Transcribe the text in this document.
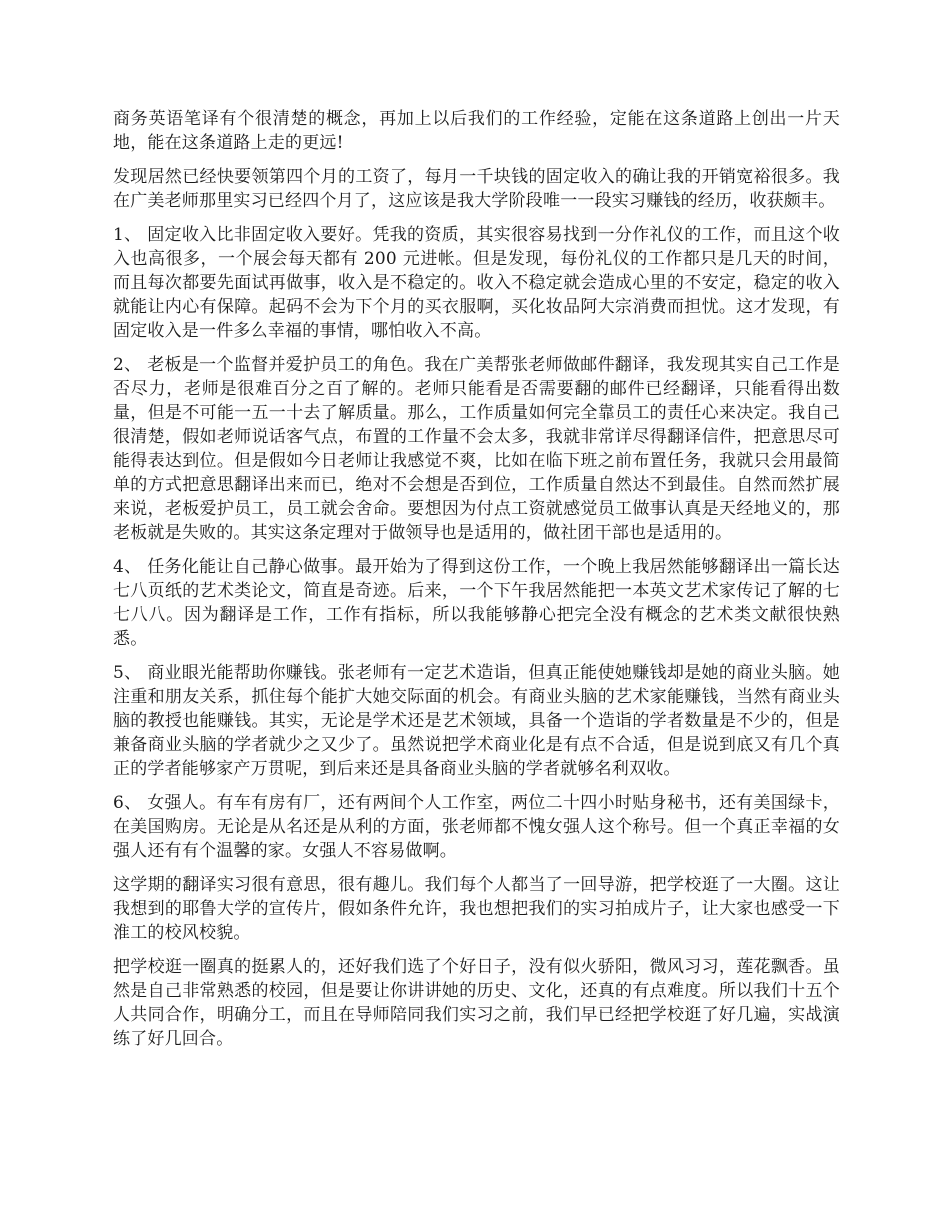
商务英语笔译有个很清楚的概念，再加上以后我们的工作经验，定能在这条道路上创出一片天地，能在这条道路上走的更远!

发现居然已经快要领第四个月的工资了，每月一千块钱的固定收入的确让我的开销宽裕很多。我在广美老师那里实习已经四个月了，这应该是我大学阶段唯一一段实习赚钱的经历，收获颇丰。

1、 固定收入比非固定收入要好。凭我的资质，其实很容易找到一分作礼仪的工作，而且这个收入也高很多，一个展会每天都有 200 元进帐。但是发现，每份礼仪的工作都只是几天的时间，而且每次都要先面试再做事，收入是不稳定的。收入不稳定就会造成心里的不安定，稳定的收入就能让内心有保障。起码不会为下个月的买衣服啊，买化妆品阿大宗消费而担忧。这才发现，有固定收入是一件多么幸福的事情，哪怕收入不高。

2、 老板是一个监督并爱护员工的角色。我在广美帮张老师做邮件翻译，我发现其实自己工作是否尽力，老师是很难百分之百了解的。老师只能看是否需要翻的邮件已经翻译，只能看得出数量，但是不可能一五一十去了解质量。那么，工作质量如何完全靠员工的责任心来决定。我自己很清楚，假如老师说话客气点，布置的工作量不会太多，我就非常详尽得翻译信件，把意思尽可能得表达到位。但是假如今日老师让我感觉不爽，比如在临下班之前布置任务，我就只会用最简单的方式把意思翻译出来而已，绝对不会想是否到位，工作质量自然达不到最佳。自然而然扩展来说，老板爱护员工，员工就会舍命。要想因为付点工资就感觉员工做事认真是天经地义的，那老板就是失败的。其实这条定理对于做领导也是适用的，做社团干部也是适用的。

4、 任务化能让自己静心做事。最开始为了得到这份工作，一个晚上我居然能够翻译出一篇长达七八页纸的艺术类论文，简直是奇迹。后来，一个下午我居然能把一本英文艺术家传记了解的七七八八。因为翻译是工作，工作有指标，所以我能够静心把完全没有概念的艺术类文献很快熟悉。

5、 商业眼光能帮助你赚钱。张老师有一定艺术造诣，但真正能使她赚钱却是她的商业头脑。她注重和朋友关系，抓住每个能扩大她交际面的机会。有商业头脑的艺术家能赚钱，当然有商业头脑的教授也能赚钱。其实，无论是学术还是艺术领域，具备一个造诣的学者数量是不少的，但是兼备商业头脑的学者就少之又少了。虽然说把学术商业化是有点不合适，但是说到底又有几个真正的学者能够家产万贯呢，到后来还是具备商业头脑的学者就够名利双收。

6、 女强人。有车有房有厂，还有两间个人工作室，两位二十四小时贴身秘书，还有美国绿卡，在美国购房。无论是从名还是从利的方面，张老师都不愧女强人这个称号。但一个真正幸福的女强人还有有个温馨的家。女强人不容易做啊。

这学期的翻译实习很有意思，很有趣儿。我们每个人都当了一回导游，把学校逛了一大圈。这让我想到的耶鲁大学的宣传片，假如条件允许，我也想把我们的实习拍成片子，让大家也感受一下淮工的校风校貌。

把学校逛一圈真的挺累人的，还好我们选了个好日子，没有似火骄阳，微风习习，莲花飘香。虽然是自己非常熟悉的校园，但是要让你讲讲她的历史、文化，还真的有点难度。所以我们十五个人共同合作，明确分工，而且在导师陪同我们实习之前，我们早已经把学校逛了好几遍，实战演练了好几回合。
